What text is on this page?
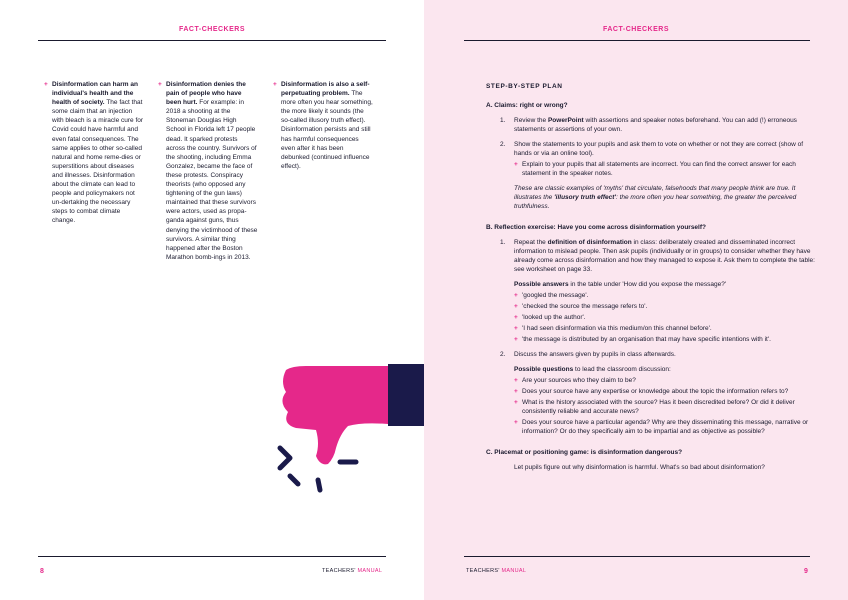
FACT-CHECKERS
+ Disinformation can harm an individual's health and the health of society. The fact that some claim that an injection with bleach is a miracle cure for Covid could have harmful and even fatal consequences. The same applies to other so-called natural and home reme-dies or superstitions about diseases and illnesses. Disinformation about the climate can lead to people and policymakers not un-dertaking the necessary steps to combat climate change.
+ Disinformation denies the pain of people who have been hurt. For example: in 2018 a shooting at the Stoneman Douglas High School in Florida left 17 people dead. It sparked protests across the country. Survivors of the shooting, including Emma Gonzalez, became the face of these protests. Conspiracy theorists (who opposed any tightening of the gun laws) maintained that these survivors were actors, used as propa-ganda against guns, thus denying the victimhood of these survivors. A similar thing happened after the Boston Marathon bomb-ings in 2013.
+ Disinformation is also a self-perpetuating problem. The more often you hear something, the more likely it sounds (the so-called illusory truth effect). Disinformation persists and still has harmful consequences even after it has been debunked (continued influence effect).
8	TEACHERS' MANUAL
FACT-CHECKERS
STEP-BY-STEP PLAN
A. Claims: right or wrong?
1. Review the PowerPoint with assertions and speaker notes beforehand. You can add (!) erroneous statements or assertions of your own.
2. Show the statements to your pupils and ask them to vote on whether or not they are correct (show of hands or via an online tool).
+ Explain to your pupils that all statements are incorrect. You can find the correct answer for each statement in the speaker notes.
These are classic examples of 'myths' that circulate, falsehoods that many people think are true. It illustrates the 'illusory truth effect': the more often you hear something, the greater the perceived truthfulness.
B. Reflection exercise: Have you come across disinformation yourself?
1. Repeat the definition of disinformation in class: deliberately created and disseminated incorrect information to mislead people. Then ask pupils (individually or in groups) to consider whether they have already come across disinformation and how they managed to expose it. Ask them to complete the table: see worksheet on page 33.
Possible answers in the table under 'How did you expose the message?'
+ 'googled the message'.
+ 'checked the source the message refers to'.
+ 'looked up the author'.
+ 'I had seen disinformation via this medium/on this channel before'.
+ 'the message is distributed by an organisation that may have specific intentions with it'.
2. Discuss the answers given by pupils in class afterwards.
Possible questions to lead the classroom discussion:
+ Are your sources who they claim to be?
+ Does your source have any expertise or knowledge about the topic the information refers to?
+ What is the history associated with the source? Has it been discredited before? Or did it deliver consistently reliable and accurate news?
+ Does your source have a particular agenda? Why are they disseminating this message, narrative or information? Or do they specifically aim to be impartial and as objective as possible?
C. Placemat or positioning game: is disinformation dangerous?
Let pupils figure out why disinformation is harmful. What's so bad about disinformation?
TEACHERS' MANUAL	9
